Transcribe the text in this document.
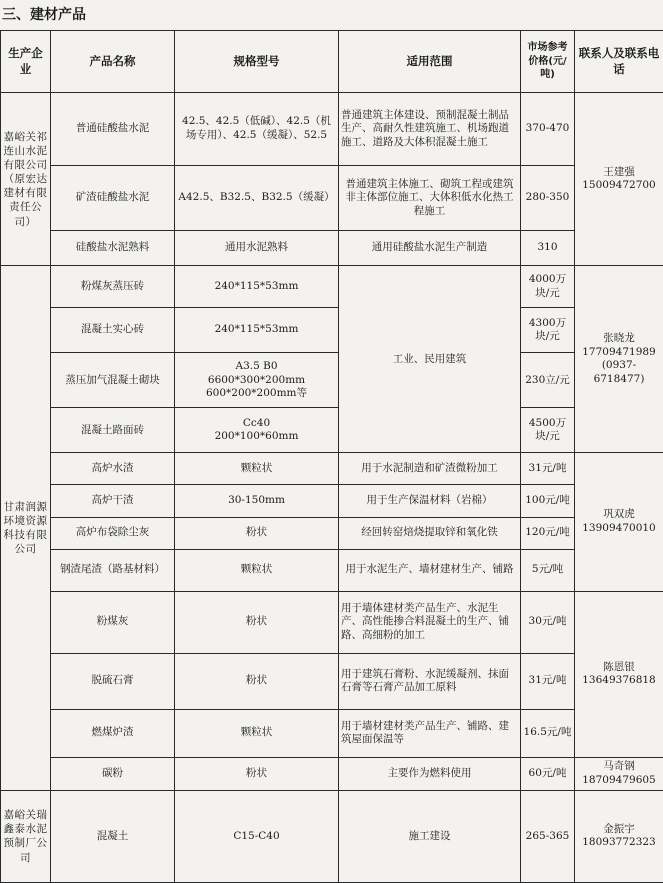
三、建材产品
生产企业	产品名称	规格型号	适用范围	市场参考价格(元/吨)	联系人及联系电话
嘉峪关祁连山水泥有限公司（原宏达建材有限责任公司）	普通硅酸盐水泥	42.5、42.5（低碱）、42.5（机场专用）、42.5（缓凝）、52.5	普通建筑主体建设、预制混凝土制品生产、高耐久性建筑施工、机场跑道施工、道路及大体积混凝土施工	370-470	王建强 15009472700
	矿渣硅酸盐水泥	A42.5、B32.5、B32.5（缓凝）	普通建筑主体施工、砌筑工程或建筑非主体部位施工、大体积低水化热工程施工	280-350	
	硅酸盐水泥熟料	通用水泥熟料	通用硅酸盐水泥生产制造	310	
甘肃润源环境资源科技有限公司	粉煤灰蒸压砖	240*115*53mm	工业、民用建筑	4000万块/元	张晓龙 17709471989 (0937-6718477)
	混凝土实心砖	240*115*53mm		4300万块/元	
	蒸压加气混凝土砌块	A3.5 B0
6600*300*200mm
600*200*200mm等		230立/元	
	混凝土路面砖	Cc40
200*100*60mm		4500万块/元	
	高炉水渣	颗粒状	用于水泥制造和矿渣微粉加工	31元/吨	巩双虎 13909470010
	高炉干渣	30-150mm	用于生产保温材料（岩棉）	100元/吨	
	高炉布袋除尘灰	粉状	经回转窑焙烧提取锌和氧化铁	120元/吨	
	钢渣尾渣（路基材料）	颗粒状	用于水泥生产、墙材建材生产、铺路	5元/吨	
	粉煤灰	粉状	用于墙体建材类产品生产、水泥生产、高性能掺合料混凝土的生产、铺路、高细粉的加工	30元/吨	陈恩银 13649376818
	脱硫石膏	粉状	用于建筑石膏粉、水泥缓凝剂、抹面石膏等石膏产品加工原料	31元/吨	
	燃煤炉渣	颗粒状	用于墙材建材类产品生产、铺路、建筑屋面保温等	16.5元/吨	
	碳粉	粉状	主要作为燃料使用	60元/吨	马奇钢 18709479605
嘉峪关瑞鑫泰水泥预制厂公司	混凝土	C15-C40	施工建设	265-365	金振宇 18093772323
